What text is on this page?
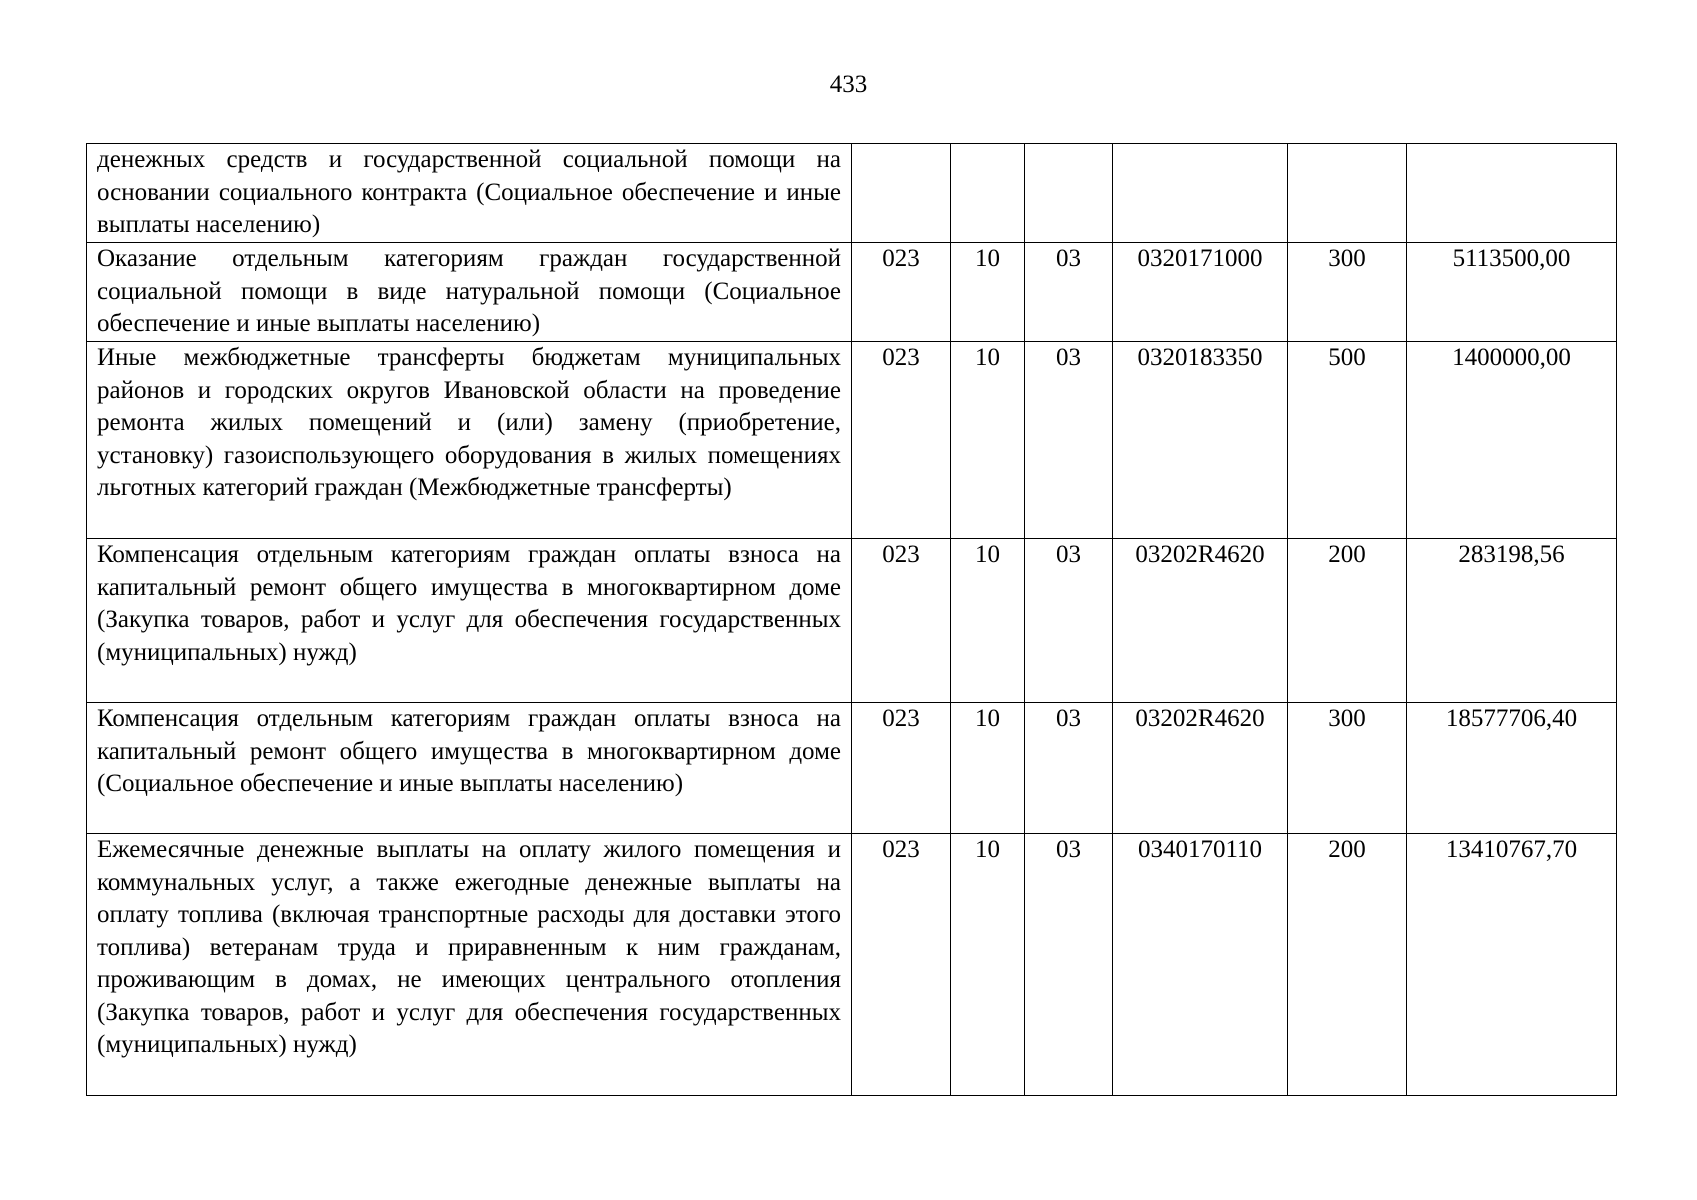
433
денежных средств и государственной социальной помощи на основании социального контракта (Социальное обеспечение и иные выплаты населению)						
Оказание отдельным категориям граждан государственной социальной помощи в виде натуральной помощи (Социальное обеспечение и иные выплаты населению)	023	10	03	0320171000	300	5113500,00
Иные межбюджетные трансферты бюджетам муниципальных районов и городских округов Ивановской области на проведение ремонта жилых помещений и (или) замену (приобретение, установку) газоиспользующего оборудования в жилых помещениях льготных категорий граждан (Межбюджетные трансферты)	023	10	03	0320183350	500	1400000,00
Компенсация отдельным категориям граждан оплаты взноса на капитальный ремонт общего имущества в многоквартирном доме (Закупка товаров, работ и услуг для обеспечения государственных (муниципальных) нужд)	023	10	03	03202R4620	200	283198,56
Компенсация отдельным категориям граждан оплаты взноса на капитальный ремонт общего имущества в многоквартирном доме (Социальное обеспечение и иные выплаты населению)	023	10	03	03202R4620	300	18577706,40
Ежемесячные денежные выплаты на оплату жилого помещения и коммунальных услуг, а также ежегодные денежные выплаты на оплату топлива (включая транспортные расходы для доставки этого топлива) ветеранам труда и приравненным к ним гражданам, проживающим в домах, не имеющих центрального отопления (Закупка товаров, работ и услуг для обеспечения государственных (муниципальных) нужд)	023	10	03	0340170110	200	13410767,70
